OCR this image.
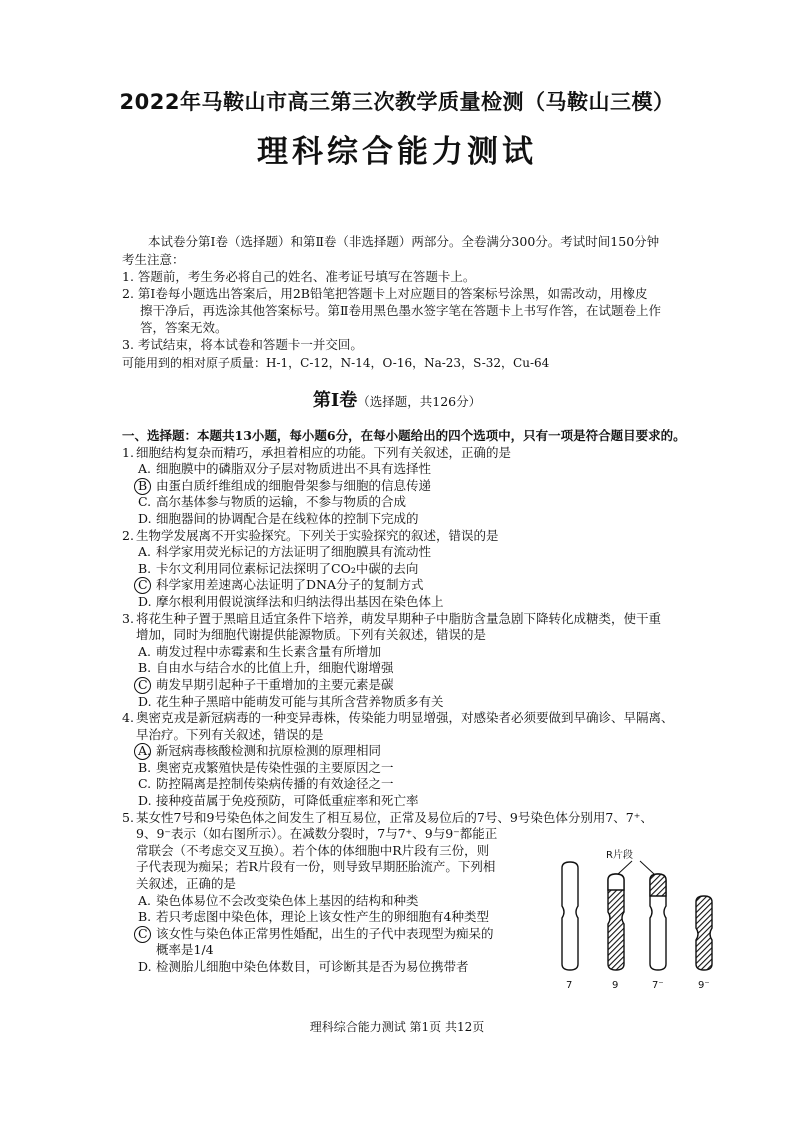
2022年马鞍山市高三第三次教学质量检测（马鞍山三模）
理科综合能力测试
本试卷分第Ⅰ卷（选择题）和第Ⅱ卷（非选择题）两部分。全卷满分300分。考试时间150分钟

考生注意：

1. 答题前，考生务必将自己的姓名、准考证号填写在答题卡上。

2. 第Ⅰ卷每小题选出答案后，用2B铅笔把答题卡上对应题目的答案标号涂黑，如需改动，用橡皮

擦干净后，再选涂其他答案标号。第Ⅱ卷用黑色墨水签字笔在答题卡上书写作答，在试题卷上作

答，答案无效。

3. 考试结束，将本试卷和答题卡一并交回。

可能用到的相对原子质量：H-1，C-12，N-14，O-16，Na-23，S-32，Cu-64
第Ⅰ卷（选择题，共126分）

一、选择题：本题共13小题，每小题6分，在每小题给出的四个选项中，只有一项是符合题目要求的。

1. 细胞结构复杂而精巧，承担着相应的功能。下列有关叙述，正确的是

A. 细胞膜中的磷脂双分子层对物质进出不具有选择性

B 由蛋白质纤维组成的细胞骨架参与细胞的信息传递

C. 高尔基体参与物质的运输，不参与物质的合成

D. 细胞器间的协调配合是在线粒体的控制下完成的

2. 生物学发展离不开实验探究。下列关于实验探究的叙述，错误的是

A. 科学家用荧光标记的方法证明了细胞膜具有流动性

B. 卡尔文利用同位素标记法探明了CO₂中碳的去向

C 科学家用差速离心法证明了DNA分子的复制方式

D. 摩尔根利用假说演绎法和归纳法得出基因在染色体上

3. 将花生种子置于黑暗且适宜条件下培养，萌发早期种子中脂肪含量急剧下降转化成糖类，使干重

增加，同时为细胞代谢提供能源物质。下列有关叙述，错误的是

A. 萌发过程中赤霉素和生长素含量有所增加

B. 自由水与结合水的比值上升，细胞代谢增强

C 萌发早期引起种子干重增加的主要元素是碳

D. 花生种子黑暗中能萌发可能与其所含营养物质多有关

4. 奥密克戎是新冠病毒的一种变异毒株，传染能力明显增强，对感染者必须要做到早确诊、早隔离、

早治疗。下列有关叙述，错误的是

A. 新冠病毒核酸检测和抗原检测的原理相同

B. 奥密克戎繁殖快是传染性强的主要原因之一

C. 防控隔离是控制传染病传播的有效途径之一

D. 接种疫苗属于免疫预防，可降低重症率和死亡率

5. 某女性7号和9号染色体之间发生了相互易位，正常及易位后的7号、9号染色体分别用7、7⁺、

9、9⁻表示（如右图所示）。在减数分裂时，7与7⁺、9与9⁻都能正

常联会（不考虑交叉互换）。若个体的体细胞中R片段有三份，则

子代表现为痴呆；若R片段有一份，则导致早期胚胎流产。下列相

关叙述，正确的是

A. 染色体易位不会改变染色体上基因的结构和种类

B. 若只考虑图中染色体，理论上该女性产生的卵细胞有4种类型

C 该女性与染色体正常男性婚配，出生的子代中表现型为痴呆的

概率是1/4

D. 检测胎儿细胞中染色体数目，可诊断其是否为易位携带者

R片段
7	9	7⁻	9⁻
理科综合能力测试 第1页 共12页
